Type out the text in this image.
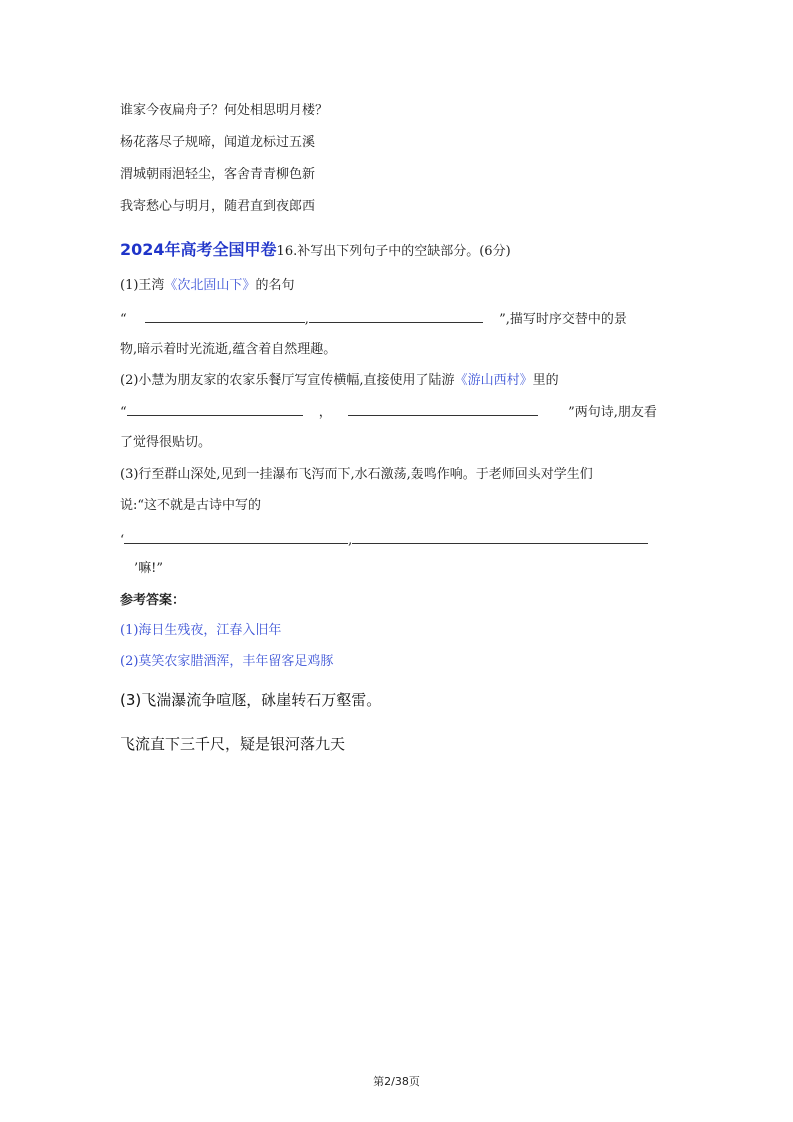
谁家今夜扁舟子？何处相思明月楼？
杨花落尽子规啼，闻道龙标过五溪
渭城朝雨浥轻尘，客舍青青柳色新
我寄愁心与明月，随君直到夜郎西
2024年高考全国甲卷16.补写出下列句子中的空缺部分。(6分)
(1)王湾《次北固山下》的名句
“	,	”,描写时序交替中的景
物,暗示着时光流逝,蕴含着自然理趣。
(2)小慧为朋友家的农家乐餐厅写宣传横幅,直接使用了陆游《游山西村》里的
“	，	”两句诗,朋友看
了觉得很贴切。
(3)行至群山深处,见到一挂瀑布飞泻而下,水石激荡,轰鸣作响。于老师回头对学生们
说:“这不就是古诗中写的
‘	,
’嘛!”
参考答案：
(1)海日生残夜，江春入旧年
(2)莫笑农家腊酒浑，丰年留客足鸡豚
(3)飞湍瀑流争喧豗，砯崖转石万壑雷。
飞流直下三千尺，疑是银河落九天
第2/38页
